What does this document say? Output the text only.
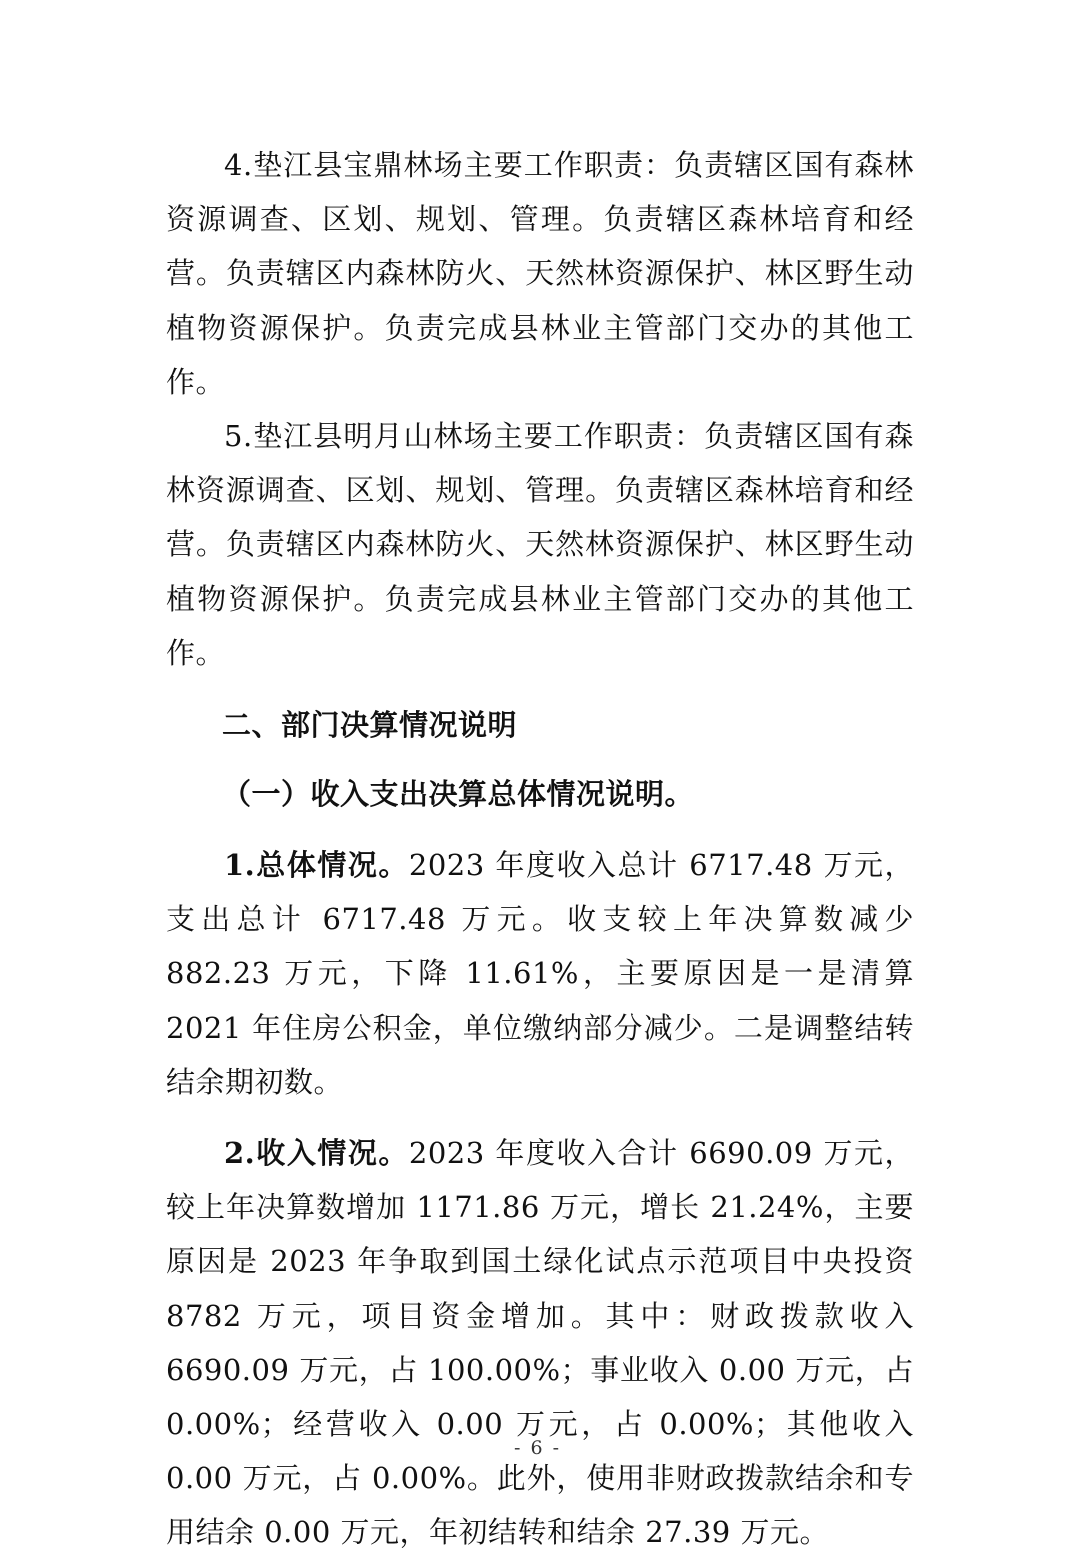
4.垫江县宝鼎林场主要工作职责：负责辖区国有森林资源调查、区划、规划、管理。负责辖区森林培育和经营。负责辖区内森林防火、天然林资源保护、林区野生动植物资源保护。负责完成县林业主管部门交办的其他工作。

5.垫江县明月山林场主要工作职责：负责辖区国有森林资源调查、区划、规划、管理。负责辖区森林培育和经营。负责辖区内森林防火、天然林资源保护、林区野生动植物资源保护。负责完成县林业主管部门交办的其他工作。

二、部门决算情况说明

（一）收入支出决算总体情况说明。

1.总体情况。2023 年度收入总计 6717.48 万元，支出总计 6717.48 万元。收支较上年决算数减少 882.23 万元，下降 11.61%，主要原因是一是清算 2021 年住房公积金，单位缴纳部分减少。二是调整结转结余期初数。

2.收入情况。2023 年度收入合计 6690.09 万元，较上年决算数增加 1171.86 万元，增长 21.24%，主要原因是 2023 年争取到国土绿化试点示范项目中央投资 8782 万元，项目资金增加。其中：财政拨款收入 6690.09 万元，占 100.00%；事业收入 0.00 万元，占 0.00%；经营收入 0.00 万元，占 0.00%；其他收入 0.00 万元，占 0.00%。此外，使用非财政拨款结余和专用结余 0.00 万元，年初结转和结余 27.39 万元。

- 6 -
